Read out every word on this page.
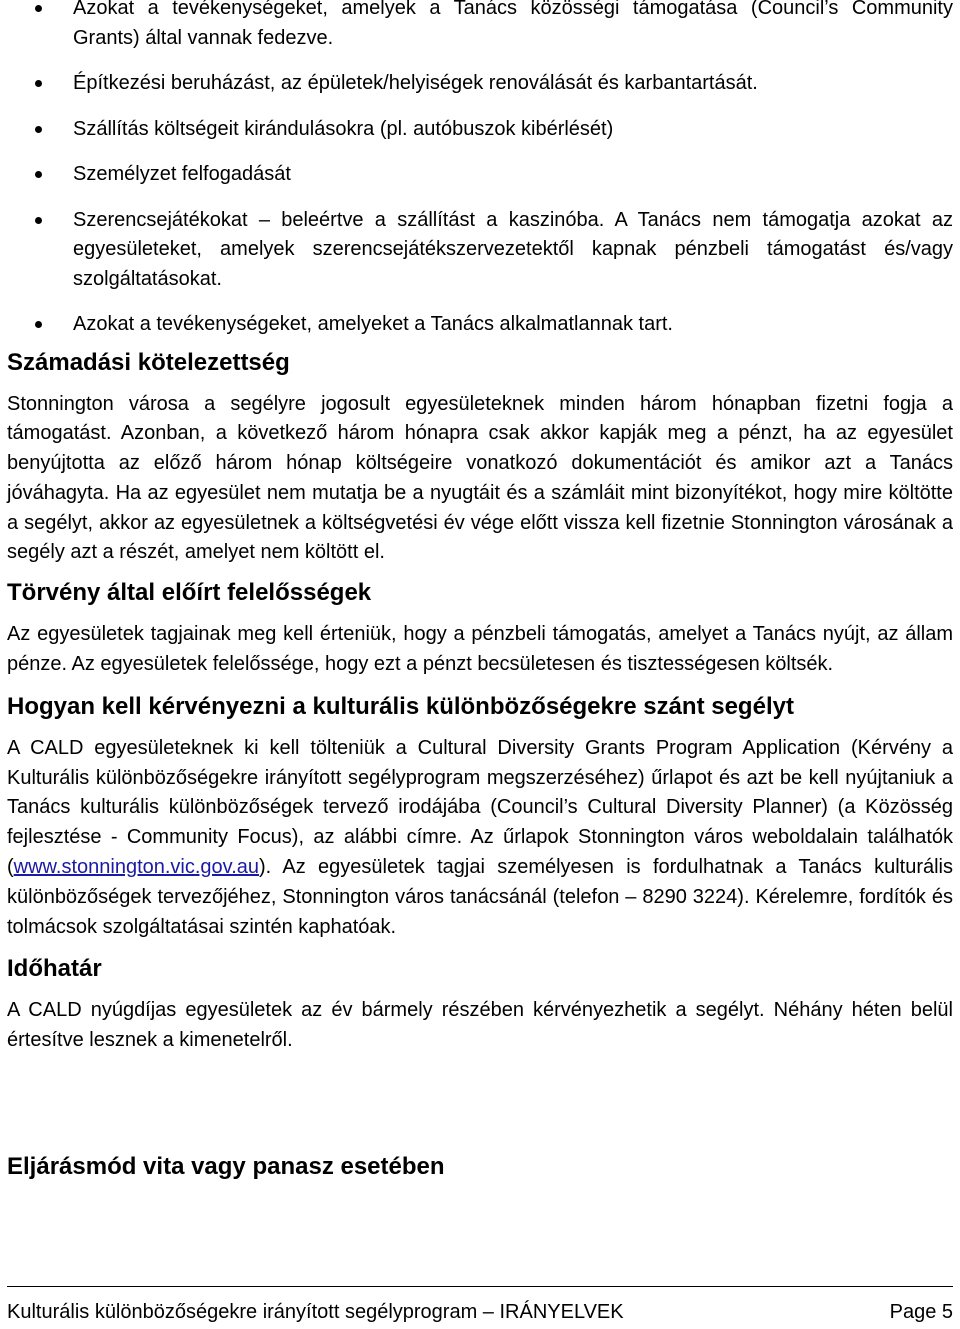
Azokat a tevékenységeket, amelyek a Tanács közösségi támogatása (Council’s Community Grants) által vannak fedezve.
Építkezési beruházást, az épületek/helyiségek renoválását és karbantartását.
Szállítás költségeit kirándulásokra (pl. autóbuszok kibérlését)
Személyzet felfogadását
Szerencsejátékokat – beleértve a szállítást a kaszinóba. A Tanács nem támogatja azokat az egyesületeket, amelyek szerencsejátékszervezetektől kapnak pénzbeli támogatást és/vagy szolgáltatásokat.
Azokat a tevékenységeket, amelyeket a Tanács alkalmatlannak tart.
Számadási kötelezettség

Stonnington városa a segélyre jogosult egyesületeknek minden három hónapban fizetni fogja a támogatást. Azonban, a következő három hónapra csak akkor kapják meg a pénzt, ha az egyesület benyújtotta az előző három hónap költségeire vonatkozó dokumentációt és amikor azt a Tanács jóváhagyta. Ha az egyesület nem mutatja be a nyugtáit és a számláit mint bizonyítékot, hogy mire költötte a segélyt, akkor az egyesületnek a költségvetési év vége előtt vissza kell fizetnie Stonnington városának a segély azt a részét, amelyet nem költött el.

Törvény által előírt felelősségek

Az egyesületek tagjainak meg kell érteniük, hogy a pénzbeli támogatás, amelyet a Tanács nyújt, az állam pénze. Az egyesületek felelőssége, hogy ezt a pénzt becsületesen és tisztességesen költsék.

Hogyan kell kérvényezni a kulturális különbözőségekre szánt segélyt

A CALD egyesületeknek ki kell tölteniük a Cultural Diversity Grants Program Application (Kérvény a Kulturális különbözőségekre irányított segélyprogram megszerzéséhez) űrlapot és azt be kell nyújtaniuk a Tanács kulturális különbözőségek tervező irodájába (Council’s Cultural Diversity Planner) (a Közösség fejlesztése - Community Focus), az alábbi címre. Az űrlapok Stonnington város weboldalain találhatók (www.stonnington.vic.gov.au). Az egyesületek tagjai személyesen is fordulhatnak a Tanács kulturális különbözőségek tervezőjéhez, Stonnington város tanácsánál (telefon – 8290 3224). Kérelemre, fordítók és tolmácsok szolgáltatásai szintén kaphatóak.

Időhatár

A CALD nyúgdíjas egyesületek az év bármely részében kérvényezhetik a segélyt. Néhány héten belül értesítve lesznek a kimenetelről.

Eljárásmód vita vagy panasz esetében
Kulturális különbözőségekre irányított segélyprogram – IRÁNYELVEK	Page 5
